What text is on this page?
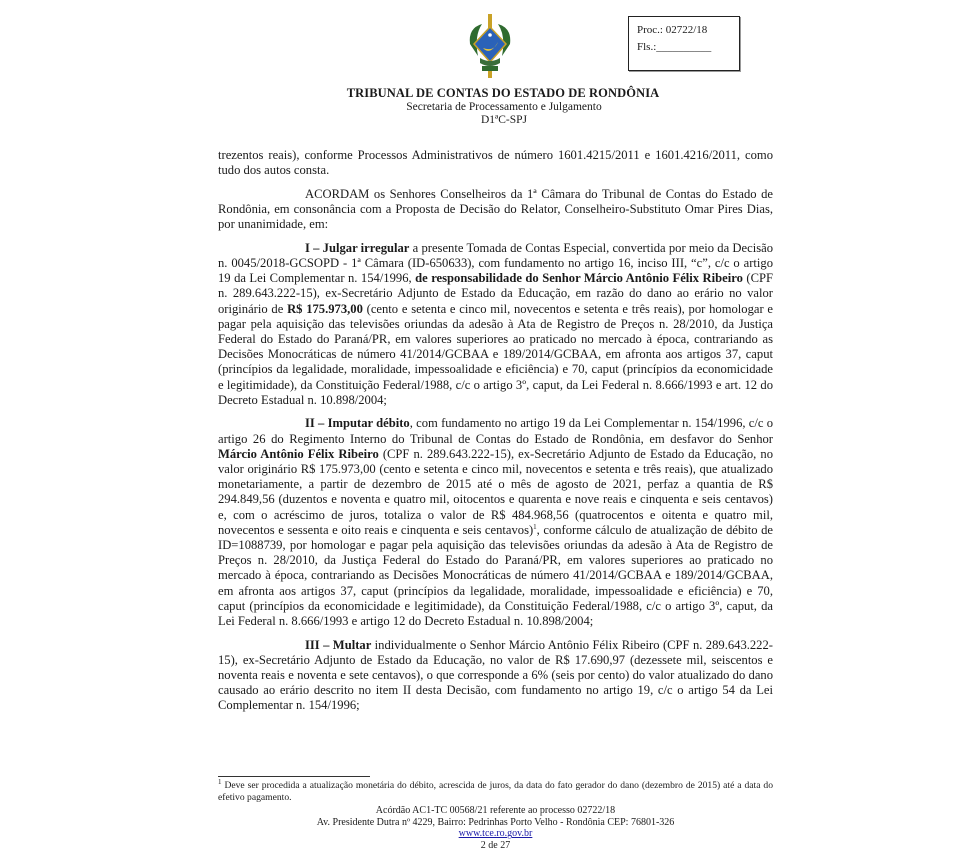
Proc.: 02722/18
Fls.:__________
TRIBUNAL DE CONTAS DO ESTADO DE RONDÔNIA
Secretaria de Processamento e Julgamento
D1ªC-SPJ

trezentos reais), conforme Processos Administrativos de número 1601.4215/2011 e 1601.4216/2011, como tudo dos autos consta.

ACORDAM os Senhores Conselheiros da 1ª Câmara do Tribunal de Contas do Estado de Rondônia, em consonância com a Proposta de Decisão do Relator, Conselheiro-Substituto Omar Pires Dias, por unanimidade, em:

I – Julgar irregular a presente Tomada de Contas Especial, convertida por meio da Decisão n. 0045/2018-GCSOPD - 1ª Câmara (ID-650633), com fundamento no artigo 16, inciso III, “c”, c/c o artigo 19 da Lei Complementar n. 154/1996, de responsabilidade do Senhor Márcio Antônio Félix Ribeiro (CPF n. 289.643.222-15), ex-Secretário Adjunto de Estado da Educação, em razão do dano ao erário no valor originário de R$ 175.973,00 (cento e setenta e cinco mil, novecentos e setenta e três reais), por homologar e pagar pela aquisição das televisões oriundas da adesão à Ata de Registro de Preços n. 28/2010, da Justiça Federal do Estado do Paraná/PR, em valores superiores ao praticado no mercado à época, contrariando as Decisões Monocráticas de número 41/2014/GCBAA e 189/2014/GCBAA, em afronta aos artigos 37, caput (princípios da legalidade, moralidade, impessoalidade e eficiência) e 70, caput (princípios da economicidade e legitimidade), da Constituição Federal/1988, c/c o artigo 3º, caput, da Lei Federal n. 8.666/1993 e art. 12 do Decreto Estadual n. 10.898/2004;

II – Imputar débito, com fundamento no artigo 19 da Lei Complementar n. 154/1996, c/c o artigo 26 do Regimento Interno do Tribunal de Contas do Estado de Rondônia, em desfavor do Senhor Márcio Antônio Félix Ribeiro (CPF n. 289.643.222-15), ex-Secretário Adjunto de Estado da Educação, no valor originário R$ 175.973,00 (cento e setenta e cinco mil, novecentos e setenta e três reais), que atualizado monetariamente, a partir de dezembro de 2015 até o mês de agosto de 2021, perfaz a quantia de R$ 294.849,56 (duzentos e noventa e quatro mil, oitocentos e quarenta e nove reais e cinquenta e seis centavos) e, com o acréscimo de juros, totaliza o valor de R$ 484.968,56 (quatrocentos e oitenta e quatro mil, novecentos e sessenta e oito reais e cinquenta e seis centavos)$^1$, conforme cálculo de atualização de débito de ID=1088739, por homologar e pagar pela aquisição das televisões oriundas da adesão à Ata de Registro de Preços n. 28/2010, da Justiça Federal do Estado do Paraná/PR, em valores superiores ao praticado no mercado à época, contrariando as Decisões Monocráticas de número 41/2014/GCBAA e 189/2014/GCBAA, em afronta aos artigos 37, caput (princípios da legalidade, moralidade, impessoalidade e eficiência) e 70, caput (princípios da economicidade e legitimidade), da Constituição Federal/1988, c/c o artigo 3º, caput, da Lei Federal n. 8.666/1993 e artigo 12 do Decreto Estadual n. 10.898/2004;

III – Multar individualmente o Senhor Márcio Antônio Félix Ribeiro (CPF n. 289.643.222-15), ex-Secretário Adjunto de Estado da Educação, no valor de R$ 17.690,97 (dezessete mil, seiscentos e noventa reais e noventa e sete centavos), o que corresponde a 6% (seis por cento) do valor atualizado do dano causado ao erário descrito no item II desta Decisão, com fundamento no artigo 19, c/c o artigo 54 da Lei Complementar n. 154/1996;

$^1$ Deve ser procedida a atualização monetária do débito, acrescida de juros, da data do fato gerador do dano (dezembro de 2015) até a data do efetivo pagamento.
Acórdão AC1-TC 00568/21 referente ao processo 02722/18
Av. Presidente Dutra nº 4229, Bairro: Pedrinhas Porto Velho - Rondônia CEP: 76801-326
www.tce.ro.gov.br
2 de 27
